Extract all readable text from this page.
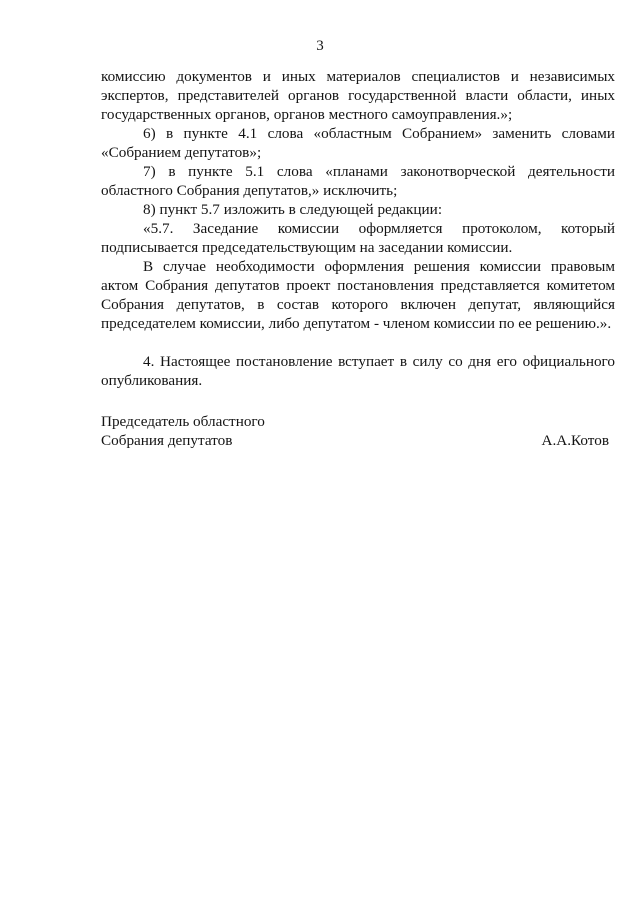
3

комиссию документов и иных материалов специалистов и независимых экспертов, представителей органов государственной власти области, иных государственных органов, органов местного самоуправления.»;

6) в пункте 4.1 слова «областным Собранием» заменить словами «Собранием депутатов»;

7) в пункте 5.1 слова «планами законотворческой деятельности областного Собрания депутатов,» исключить;

8) пункт 5.7 изложить в следующей редакции:

«5.7. Заседание комиссии оформляется протоколом, который подписывается председательствующим на заседании комиссии.

В случае необходимости оформления решения комиссии правовым актом Собрания депутатов проект постановления представляется комитетом Собрания депутатов, в состав которого включен депутат, являющийся председателем комиссии, либо депутатом - членом комиссии по ее решению.».

4. Настоящее постановление вступает в силу со дня его официального опубликования.

Председатель областного
Собрания депутатов	А.А.Котов
